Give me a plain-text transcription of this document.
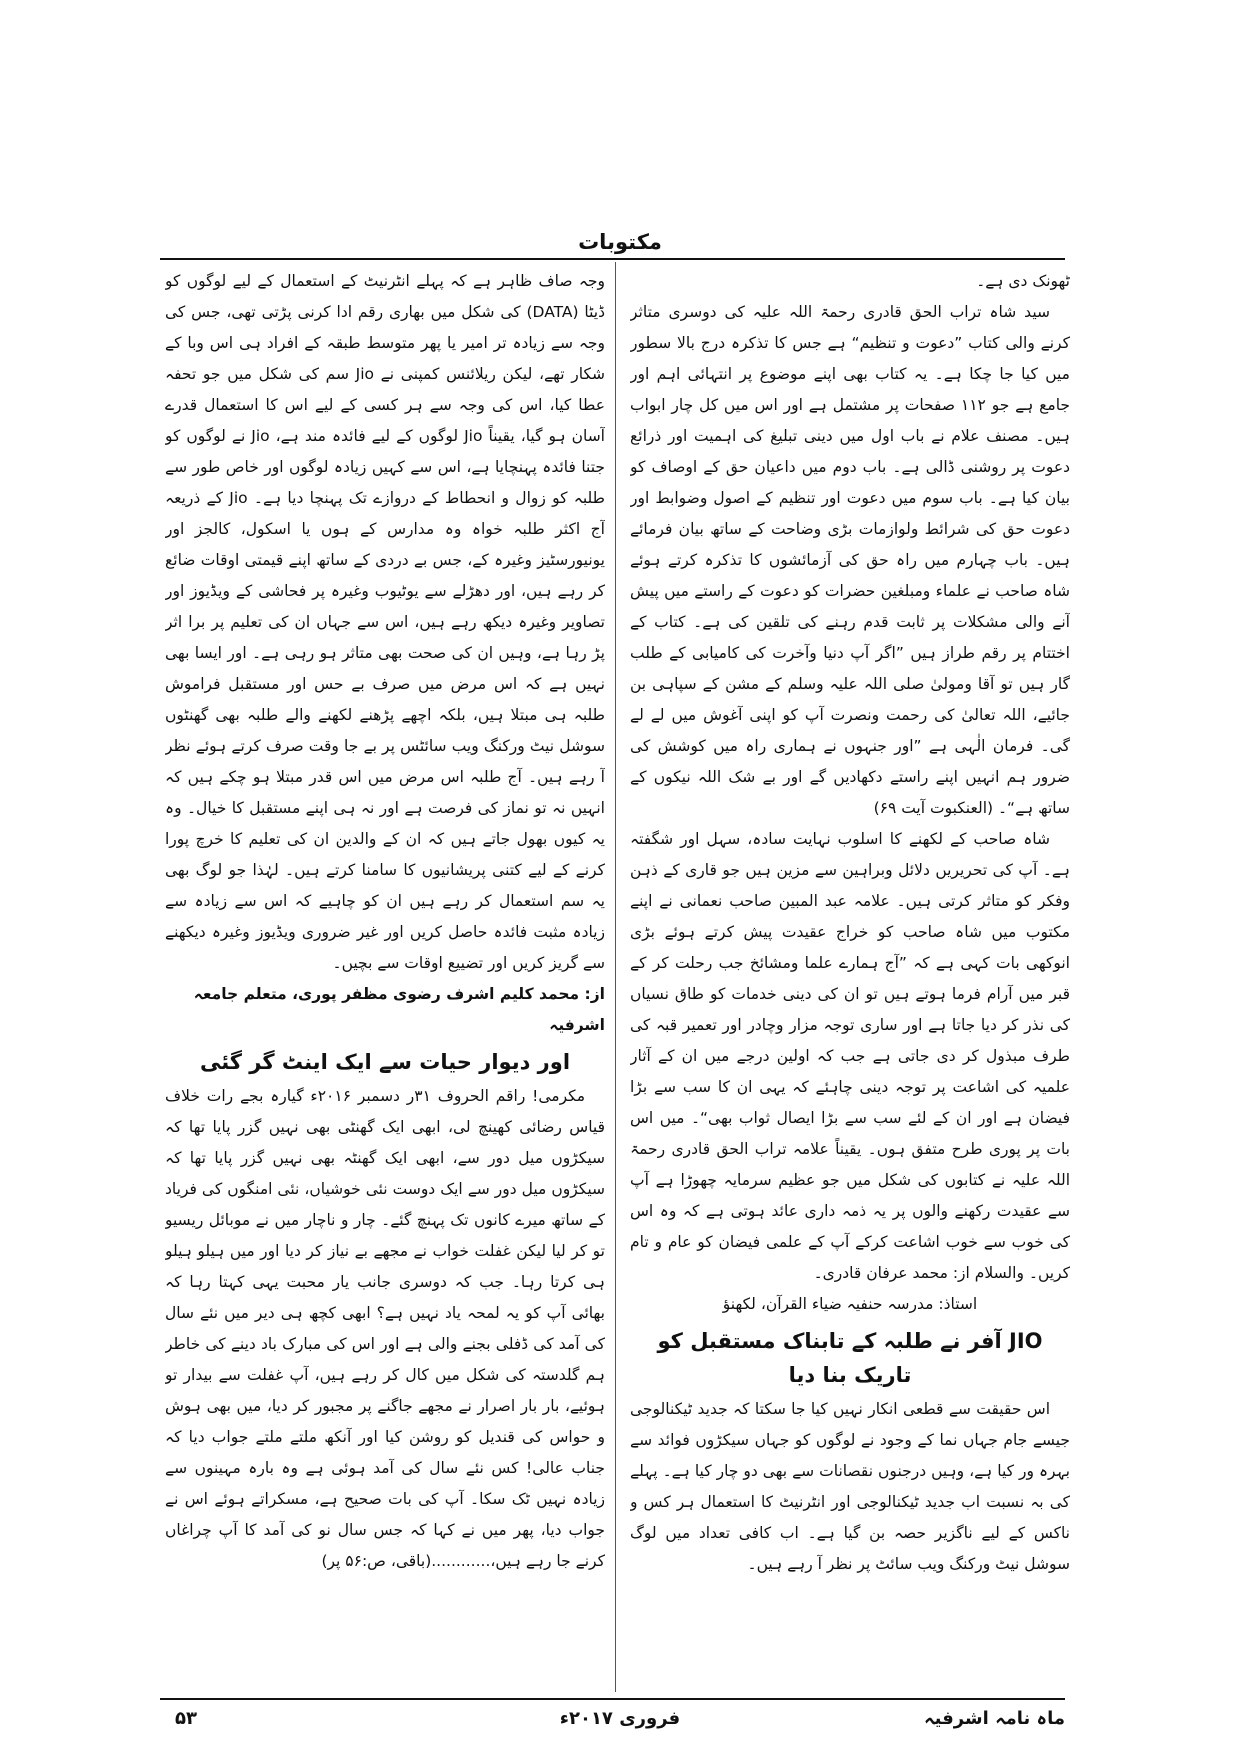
مکتوبات

ٹھونک دی ہے۔

سید شاہ تراب الحق قادری رحمۃ اللہ علیہ کی دوسری متاثر کرنے والی کتاب ”دعوت و تنظیم“ ہے جس کا تذکرہ درج بالا سطور میں کیا جا چکا ہے۔ یہ کتاب بھی اپنے موضوع پر انتہائی اہم اور جامع ہے جو ۱۱۲ صفحات پر مشتمل ہے اور اس میں کل چار ابواب ہیں۔ مصنف علام نے باب اول میں دینی تبلیغ کی اہمیت اور ذرائع دعوت پر روشنی ڈالی ہے۔ باب دوم میں داعیان حق کے اوصاف کو بیان کیا ہے۔ باب سوم میں دعوت اور تنظیم کے اصول وضوابط اور دعوت حق کی شرائط ولوازمات بڑی وضاحت کے ساتھ بیان فرمائے ہیں۔ باب چہارم میں راہ حق کی آزمائشوں کا تذکرہ کرتے ہوئے شاہ صاحب نے علماء ومبلغین حضرات کو دعوت کے راستے میں پیش آنے والی مشکلات پر ثابت قدم رہنے کی تلقین کی ہے۔ کتاب کے اختتام پر رقم طراز ہیں ”اگر آپ دنیا وآخرت کی کامیابی کے طلب گار ہیں تو آقا ومولیٰ صلی اللہ علیہ وسلم کے مشن کے سپاہی بن جائیے، اللہ تعالیٰ کی رحمت ونصرت آپ کو اپنی آغوش میں لے لے گی۔ فرمان الٰہی ہے ”اور جنہوں نے ہماری راہ میں کوشش کی ضرور ہم انہیں اپنے راستے دکھادیں گے اور بے شک اللہ نیکوں کے ساتھ ہے“۔ (العنکبوت آیت ۶۹)

شاہ صاحب کے لکھنے کا اسلوب نہایت سادہ، سہل اور شگفتہ ہے۔ آپ کی تحریریں دلائل وبراہین سے مزین ہیں جو قاری کے ذہن وفکر کو متاثر کرتی ہیں۔ علامہ عبد المبین صاحب نعمانی نے اپنے مکتوب میں شاہ صاحب کو خراج عقیدت پیش کرتے ہوئے بڑی انوکھی بات کہی ہے کہ ”آج ہمارے علما ومشائخ جب رحلت کر کے قبر میں آرام فرما ہوتے ہیں تو ان کی دینی خدمات کو طاق نسیاں کی نذر کر دیا جاتا ہے اور ساری توجہ مزار وچادر اور تعمیر قبہ کی طرف مبذول کر دی جاتی ہے جب کہ اولین درجے میں ان کے آثار علمیہ کی اشاعت پر توجہ دینی چاہئے کہ یہی ان کا سب سے بڑا فیضان ہے اور ان کے لئے سب سے بڑا ایصال ثواب بھی“۔ میں اس بات پر پوری طرح متفق ہوں۔ یقیناً علامہ تراب الحق قادری رحمۃ اللہ علیہ نے کتابوں کی شکل میں جو عظیم سرمایہ چھوڑا ہے آپ سے عقیدت رکھنے والوں پر یہ ذمہ داری عائد ہوتی ہے کہ وہ اس کی خوب سے خوب اشاعت کرکے آپ کے علمی فیضان کو عام و تام کریں۔ والسلام از: محمد عرفان قادری۔

استاذ: مدرسہ حنفیہ ضیاء القرآن، لکھنؤ

JIO آفر نے طلبہ کے تابناک مستقبل کو تاریک بنا دیا

اس حقیقت سے قطعی انکار نہیں کیا جا سکتا کہ جدید ٹیکنالوجی جیسے جام جہاں نما کے وجود نے لوگوں کو جہاں سیکڑوں فوائد سے بہرہ ور کیا ہے، وہیں درجنوں نقصانات سے بھی دو چار کیا ہے۔ پہلے کی بہ نسبت اب جدید ٹیکنالوجی اور انٹرنیٹ کا استعمال ہر کس و ناکس کے لیے ناگزیر حصہ بن گیا ہے۔ اب کافی تعداد میں لوگ سوشل نیٹ ورکنگ ویب سائٹ پر نظر آ رہے ہیں۔

وجہ صاف ظاہر ہے کہ پہلے انٹرنیٹ کے استعمال کے لیے لوگوں کو ڈیٹا (DATA) کی شکل میں بھاری رقم ادا کرنی پڑتی تھی، جس کی وجہ سے زیادہ تر امیر یا پھر متوسط طبقہ کے افراد ہی اس وبا کے شکار تھے، لیکن ریلائنس کمپنی نے Jio سم کی شکل میں جو تحفہ عطا کیا، اس کی وجہ سے ہر کسی کے لیے اس کا استعمال قدرے آسان ہو گیا، یقیناً Jio لوگوں کے لیے فائدہ مند ہے، Jio نے لوگوں کو جتنا فائدہ پہنچایا ہے، اس سے کہیں زیادہ لوگوں اور خاص طور سے طلبہ کو زوال و انحطاط کے دروازے تک پہنچا دیا ہے۔ Jio کے ذریعہ آج اکثر طلبہ خواہ وہ مدارس کے ہوں یا اسکول، کالجز اور یونیورسٹیز وغیرہ کے، جس بے دردی کے ساتھ اپنے قیمتی اوقات ضائع کر رہے ہیں، اور دھڑلے سے یوٹیوب وغیرہ پر فحاشی کے ویڈیوز اور تصاویر وغیرہ دیکھ رہے ہیں، اس سے جہاں ان کی تعلیم پر برا اثر پڑ رہا ہے، وہیں ان کی صحت بھی متاثر ہو رہی ہے۔ اور ایسا بھی نہیں ہے کہ اس مرض میں صرف بے حس اور مستقبل فراموش طلبہ ہی مبتلا ہیں، بلکہ اچھے پڑھنے لکھنے والے طلبہ بھی گھنٹوں سوشل نیٹ ورکنگ ویب سائٹس پر بے جا وقت صرف کرتے ہوئے نظر آ رہے ہیں۔ آج طلبہ اس مرض میں اس قدر مبتلا ہو چکے ہیں کہ انہیں نہ تو نماز کی فرصت ہے اور نہ ہی اپنے مستقبل کا خیال۔ وہ یہ کیوں بھول جاتے ہیں کہ ان کے والدین ان کی تعلیم کا خرچ پورا کرنے کے لیے کتنی پریشانیوں کا سامنا کرتے ہیں۔ لہٰذا جو لوگ بھی یہ سم استعمال کر رہے ہیں ان کو چاہیے کہ اس سے زیادہ سے زیادہ مثبت فائدہ حاصل کریں اور غیر ضروری ویڈیوز وغیرہ دیکھنے سے گریز کریں اور تضییع اوقات سے بچیں۔

از: محمد کلیم اشرف رضوی مظفر پوری، متعلم جامعہ اشرفیہ

اور دیوار حیات سے ایک اینٹ گر گئی

مکرمی! راقم الحروف ۳۱ر دسمبر ۲۰۱۶ء گیارہ بجے رات خلاف قیاس رضائی کھینچ لی، ابھی ایک گھنٹی بھی نہیں گزر پایا تھا کہ سیکڑوں میل دور سے، ابھی ایک گھنٹہ بھی نہیں گزر پایا تھا کہ سیکڑوں میل دور سے ایک دوست نئی خوشیاں، نئی امنگوں کی فریاد کے ساتھ میرے کانوں تک پہنچ گئے۔ چار و ناچار میں نے موبائل ریسیو تو کر لیا لیکن غفلت خواب نے مجھے بے نیاز کر دیا اور میں ہیلو ہیلو ہی کرتا رہا۔ جب کہ دوسری جانب یار محبت یہی کہتا رہا کہ بھائی آپ کو یہ لمحہ یاد نہیں ہے؟ ابھی کچھ ہی دیر میں نئے سال کی آمد کی ڈفلی بجنے والی ہے اور اس کی مبارک باد دینے کی خاطر ہم گلدستہ کی شکل میں کال کر رہے ہیں، آپ غفلت سے بیدار تو ہوئیے، بار بار اصرار نے مجھے جاگنے پر مجبور کر دیا، میں بھی ہوش و حواس کی قندیل کو روشن کیا اور آنکھ ملتے ملتے جواب دیا کہ جناب عالی! کس نئے سال کی آمد ہوئی ہے وہ بارہ مہینوں سے زیادہ نہیں ٹک سکا۔ آپ کی بات صحیح ہے، مسکراتے ہوئے اس نے جواب دیا، پھر میں نے کہا کہ جس سال نو کی آمد کا آپ چراغاں کرنے جا رہے ہیں،............(باقی، ص:۵۶ پر)

ماہ نامہ اشرفیہ
فروری ۲۰۱۷ء
۵۳
